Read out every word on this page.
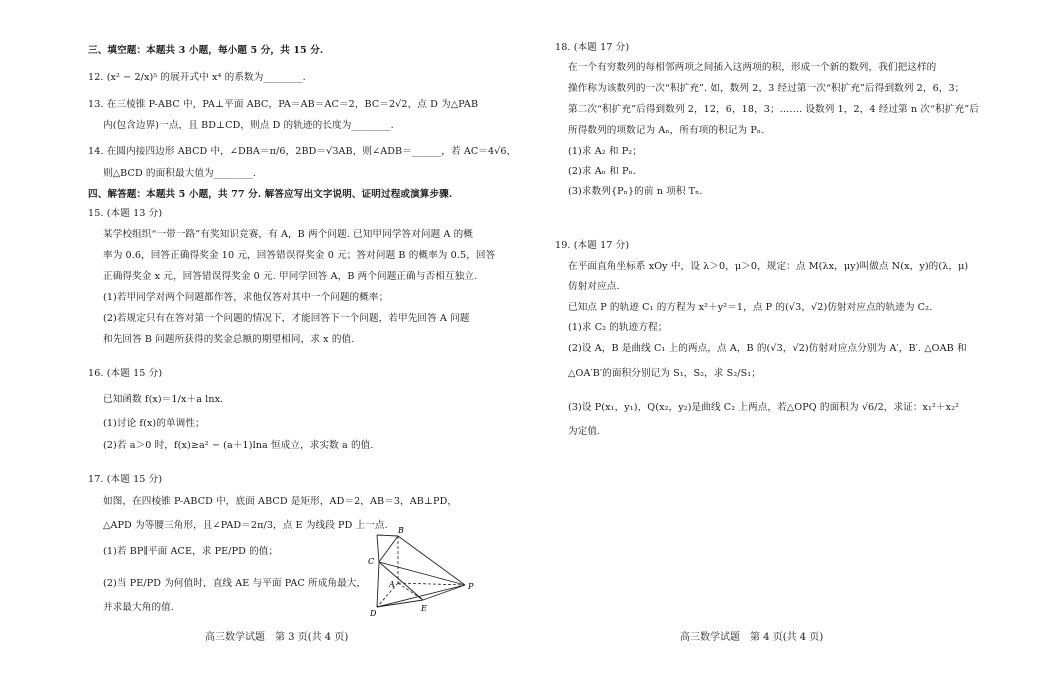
三、填空题：本题共 3 小题，每小题 5 分，共 15 分.
12. (x² − 2/x)⁵ 的展开式中 x⁴ 的系数为________.
13. 在三棱锥 P-ABC 中，PA⊥平面 ABC，PA＝AB＝AC＝2，BC＝2√2，点 D 为△PAB
内(包含边界)一点，且 BD⊥CD，则点 D 的轨迹的长度为________.
14. 在圆内接四边形 ABCD 中，∠DBA＝π/6，2BD＝√3AB，则∠ADB＝______，若 AC＝4√6，
则△BCD 的面积最大值为________.
四、解答题：本题共 5 小题，共 77 分. 解答应写出文字说明、证明过程或演算步骤.
15. (本题 13 分)
某学校组织“一带一路”有奖知识竞赛，有 A，B 两个问题. 已知甲同学答对问题 A 的概
率为 0.6，回答正确得奖金 10 元，回答错误得奖金 0 元；答对问题 B 的概率为 0.5，回答
正确得奖金 x 元，回答错误得奖金 0 元. 甲同学回答 A，B 两个问题正确与否相互独立.
(1)若甲同学对两个问题都作答，求他仅答对其中一个问题的概率；
(2)若规定只有在答对第一个问题的情况下，才能回答下一个问题，若甲先回答 A 问题
和先回答 B 问题所获得的奖金总额的期望相同，求 x 的值.
16. (本题 15 分)
已知函数 f(x)＝1/x＋a lnx.
(1)讨论 f(x)的单调性；
(2)若 a＞0 时，f(x)≥a² − (a＋1)lna 恒成立，求实数 a 的值.
17. (本题 15 分)
如图，在四棱锥 P-ABCD 中，底面 ABCD 是矩形，AD＝2，AB＝3，AB⊥PD，
△APD 为等腰三角形，且∠PAD＝2π/3，点 E 为线段 PD 上一点.
(1)若 BP∥平面 ACE，求 PE/PD 的值；
(2)当 PE/PD 为何值时，直线 AE 与平面 PAC 所成角最大，
并求最大角的值.
B
C
A	P
D
E
高三数学试题　第 3 页(共 4 页)
18. (本题 17 分)
在一个有穷数列的每相邻两项之间插入这两项的积，形成一个新的数列，我们把这样的
操作称为该数列的一次“积扩充”. 如，数列 2，3 经过第一次“积扩充”后得到数列 2，6，3；
第二次“积扩充”后得到数列 2，12，6，18，3；……. 设数列 1，2，4 经过第 n 次“积扩充”后
所得数列的项数记为 Aₙ，所有项的积记为 Pₙ.
(1)求 A₂ 和 P₂；
(2)求 Aₙ 和 Pₙ.
(3)求数列{Pₙ}的前 n 项积 Tₙ.
19. (本题 17 分)
在平面直角坐标系 xOy 中，设 λ＞0，μ＞0，规定：点 M(λx，μy)叫做点 N(x，y)的(λ，μ)
仿射对应点.
已知点 P 的轨迹 C₁ 的方程为 x²＋y²＝1，点 P 的(√3，√2)仿射对应点的轨迹为 C₂.
(1)求 C₂ 的轨迹方程；
(2)设 A，B 是曲线 C₁ 上的两点，点 A，B 的(√3，√2)仿射对应点分别为 A′，B′. △OAB 和
△OA′B′的面积分别记为 S₁，S₂，求 S₂/S₁；
(3)设 P(x₁，y₁)，Q(x₂，y₂)是曲线 C₂ 上两点，若△OPQ 的面积为 √6/2，求证：x₁²＋x₂²
为定值.
高三数学试题　第 4 页(共 4 页)
